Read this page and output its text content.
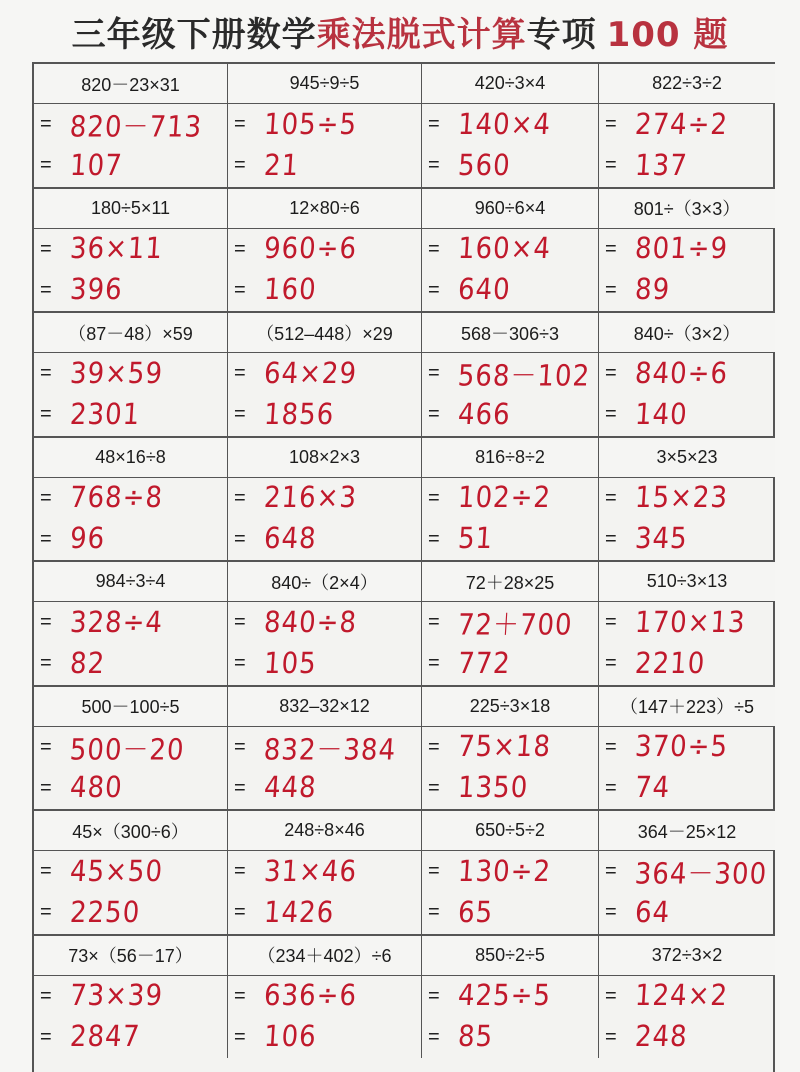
三年级下册数学 乘法脱式计算 专项 100 题
820－23×31
= 820－713
= 107
945÷9÷5
= 105÷5
= 21
420÷3×4
= 140×4
= 560
822÷3÷2
= 274÷2
= 137
180÷5×11
= 36×11
= 396
12×80÷6
= 960÷6
= 160
960÷6×4
= 160×4
= 640
801÷（3×3）
= 801÷9
= 89
（87－48）×59
= 39×59
= 2301
（512–448）×29
= 64×29
= 1856
568－306÷3
= 568－102
= 466
840÷（3×2）
= 840÷6
= 140
48×16÷8
= 768÷8
= 96
108×2×3
= 216×3
= 648
816÷8÷2
= 102÷2
= 51
3×5×23
= 15×23
= 345
984÷3÷4
= 328÷4
= 82
840÷（2×4）
= 840÷8
= 105
72＋28×25
= 72＋700
= 772
510÷3×13
= 170×13
= 2210
500－100÷5
= 500－20
= 480
832–32×12
= 832－384
= 448
225÷3×18
= 75×18
= 1350
（147＋223）÷5
= 370÷5
= 74
45×（300÷6）
= 45×50
= 2250
248÷8×46
= 31×46
= 1426
650÷5÷2
= 130÷2
= 65
364－25×12
= 364－300
= 64
73×（56－17）
= 73×39
= 2847
（234＋402）÷6
= 636÷6
= 106
850÷2÷5
= 425÷5
= 85
372÷3×2
= 124×2
= 248
